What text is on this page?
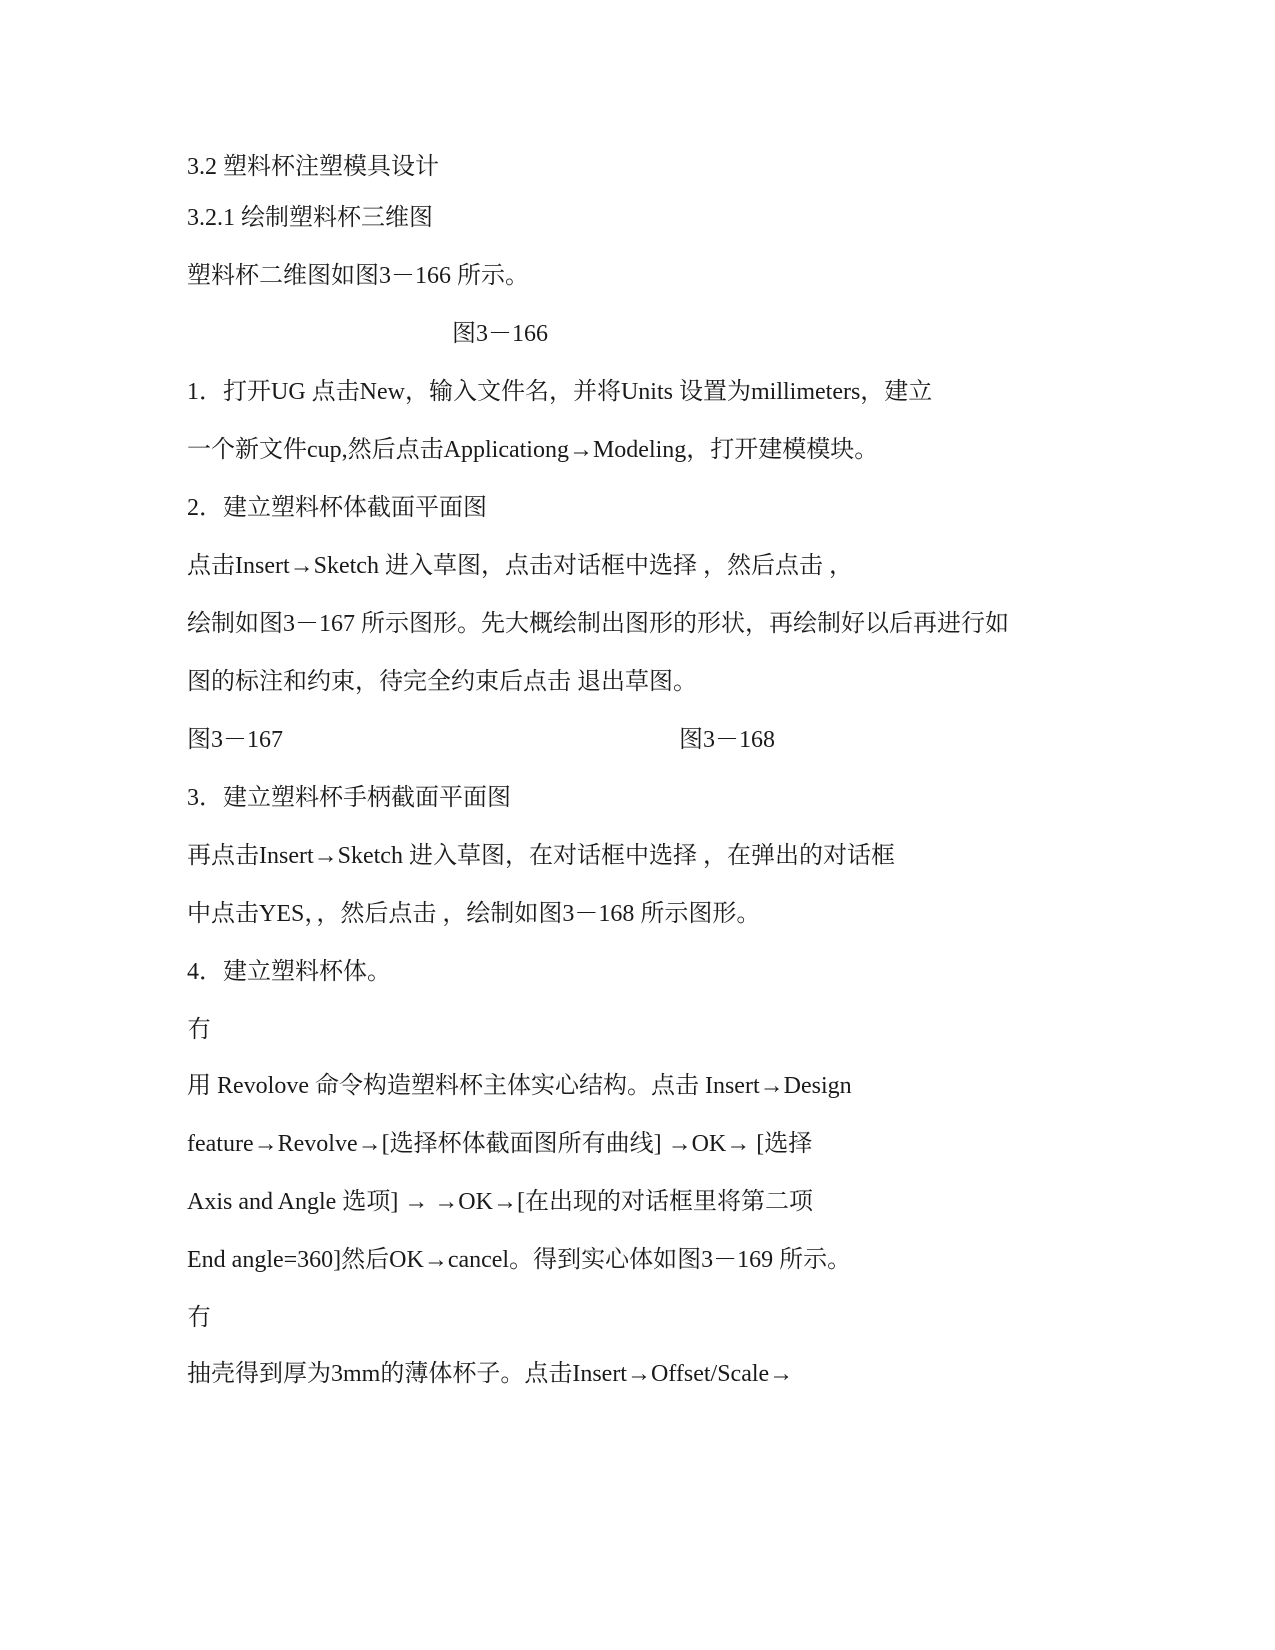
3.2 塑料杯注塑模具设计
3.2.1 绘制塑料杯三维图
塑料杯二维图如图3－166 所示。
图3－166
1．打开UG 点击New，输入文件名，并将Units 设置为millimeters，建立
一个新文件cup,然后点击Applicationg→Modeling，打开建模模块。
2．建立塑料杯体截面平面图
点击Insert→Sketch 进入草图，点击对话框中选择 ，然后点击 ，
绘制如图3－167 所示图形。先大概绘制出图形的形状，再绘制好以后再进行如
图的标注和约束，待完全约束后点击 退出草图。
图3－167	图3－168
3．建立塑料杯手柄截面平面图
再点击Insert→Sketch 进入草图，在对话框中选择 ，在弹出的对话框
中点击YES，，然后点击 ，绘制如图3－168 所示图形。
4．建立塑料杯体。
冇
用 Revolove 命令构造塑料杯主体实心结构。点击 Insert→Design
feature→Revolve→[选择杯体截面图所有曲线] →OK→ [选择
Axis and Angle 选项] → →OK→[在出现的对话框里将第二项
End angle=360]然后OK→cancel。得到实心体如图3－169 所示。
冇
抽壳得到厚为3mm的薄体杯子。点击Insert→Offset/Scale→
